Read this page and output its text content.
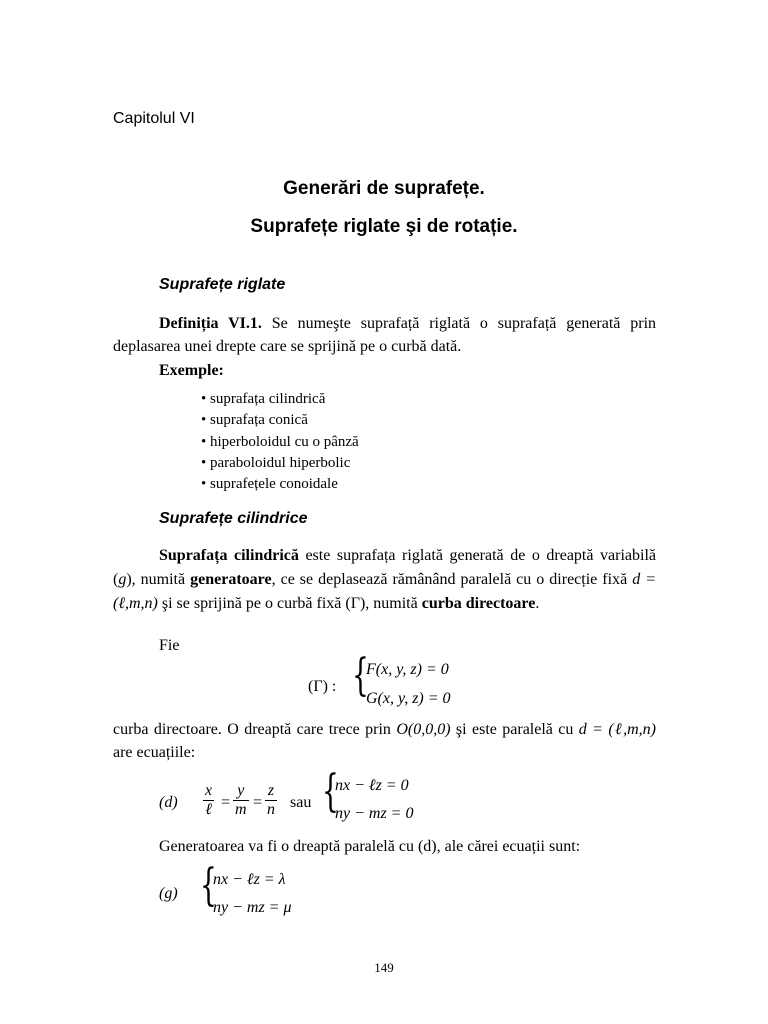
Capitolul VI
Generări de suprafețe.
Suprafețe riglate şi de rotație.
Suprafețe riglate
Definiția VI.1. Se numeşte suprafață riglată o suprafață generată prin deplasarea unei drepte care se sprijină pe o curbă dată.
Exemple:
• suprafața cilindrică
• suprafața conică
• hiperboloidul cu o pânză
• paraboloidul hiperbolic
• suprafețele conoidale
Suprafețe cilindrice
Suprafața cilindrică este suprafața riglată generată de o dreaptă variabilă (g), numită generatoare, ce se deplasează rămânând paralelă cu o direcție fixă d = (ℓ,m,n) şi se sprijină pe o curbă fixă (Γ), numită curba directoare.
Fie
(Γ) : {
F(x, y, z) = 0
G(x, y, z) = 0
curba directoare. O dreaptă care trece prin O(0,0,0) şi este paralelă cu d = (ℓ,m,n) are ecuațiile:
(d)
x
ℓ = $\frac{y}{m} = \frac{z}{n}$ sau {
nx − ℓz = 0
ny − mz = 0
Generatoarea va fi o dreaptă paralelă cu (d), ale cărei ecuații sunt:
(g) {
nx − ℓz = λ
ny − mz = μ
149
